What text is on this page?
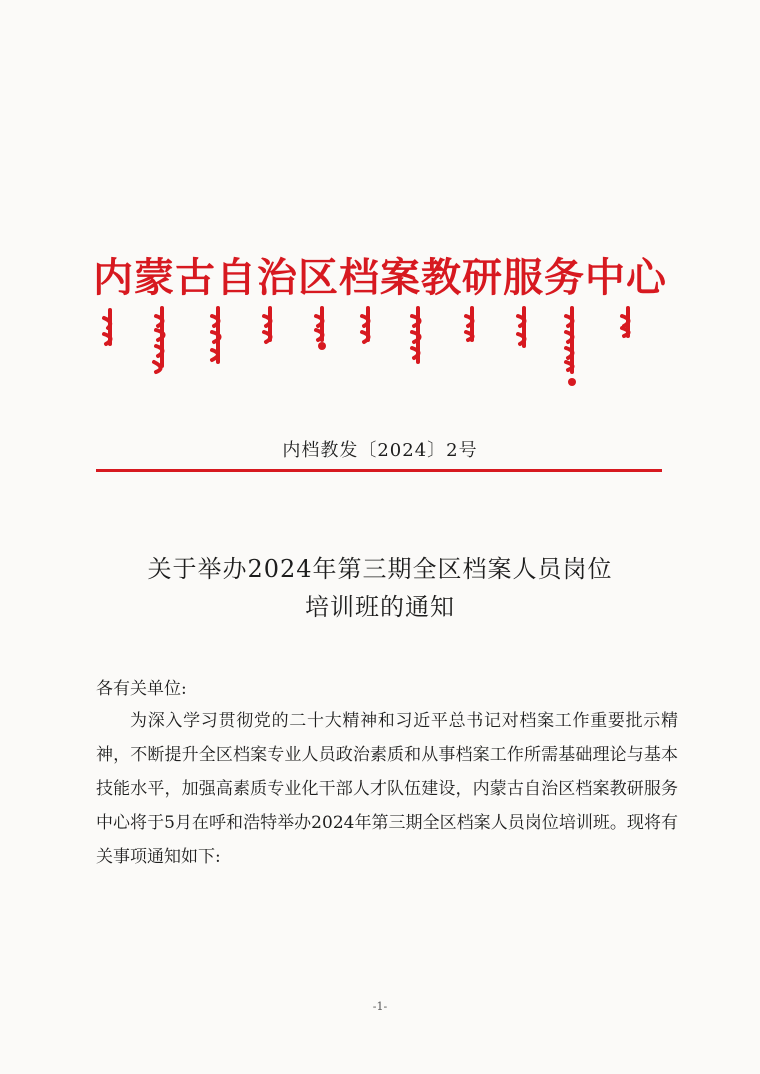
内蒙古自治区档案教研服务中心
内档教发〔2024〕2号
关于举办2024年第三期全区档案人员岗位
培训班的通知
各有关单位:

为深入学习贯彻党的二十大精神和习近平总书记对档案工作重要批示精神，不断提升全区档案专业人员政治素质和从事档案工作所需基础理论与基本技能水平，加强高素质专业化干部人才队伍建设，内蒙古自治区档案教研服务中心将于5月在呼和浩特举办2024年第三期全区档案人员岗位培训班。现将有关事项通知如下:

-1-
